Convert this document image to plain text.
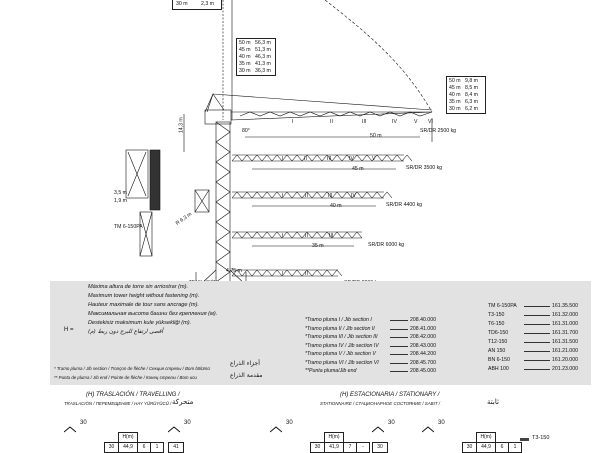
30 m	2,3 m
50 m 56,3 m
45 m 51,3 m
40 m 46,3 m
35 m 41,3 m
30 m 36,3 m
50 m 9,8 m
45 m 8,5 m
40 m 8,4 m
35 m 6,3 m
30 m 6,2 m
14,3 m
50 m
80°
3,5 m
1,9 m
R 6,3 m
TM 6-150PA
4,75 m
I	II	III	IV	V VI
SR/DR 2500 kg
45 m
I	II	III	IV	V
SR/DR 3500 kg
40 m
I	II	III	IV
SR/DR 4400 kg
35 m
I	II	III
SR/DR 6000 kg
I	II
H =
Máxima altura de torre sin arriostrar (m).
Maximum tower height without fastening (m).
Hauteur maximale de tour sans ancrage (m).
Максимальная высота башни без крепления (м).
Destekisiz maksimum kule yüksekliği (m).
أقصى ارتفاع للبرج دون ربط (م)
* Tramo pluma / Jib section / Tronçon de flèche / Секция стрелы / Bom bölümü
** Punta de pluma / Jib end / Pointe de flèche / Конец стрелы / Bom ucu
أجزاء الذراع
مقدمة الذراع
*Tramo pluma I / Jib section I	208.40.000
*Tramo pluma II / Jib section II	208.41.000
*Tramo pluma III / Jib section III	208.42.000
*Tramo pluma IV / Jib section IV	208.43.000
*Tramo pluma V / Jib section V	208.44.200
*Tramo pluma VI / Jib section VI	208.45.700
**Punta pluma/Jib end	208.45.000
TM 6-150PA	161.35.500
T3-150	161.32.000
T6-150	161.31.000
TD6-150	161.31.700
T12-150	161.31.500
AN 150	161.21.000
BN 6-150	161.20.000
ABH 100	201.23.000
(H) TRASLACIÓN / TRAVELLING /
TRASLACIÓN / ПЕРЕМЕЩЕНИЕ / HAY YÜRÜYÜCÜ / متحركة
(H) ESTACIONARIA / STATIONARY /
STATIONNAIRE / СТАЦИОНАРНОЕ СОСТОЯНИЕ / SABIT /	ثابتة
30
H(m)
30	44,9	6	1
30
41
30
H(m)
30	41,9	7	-
30
30
30
H(m)
30	44,9	6	1
T3-150
